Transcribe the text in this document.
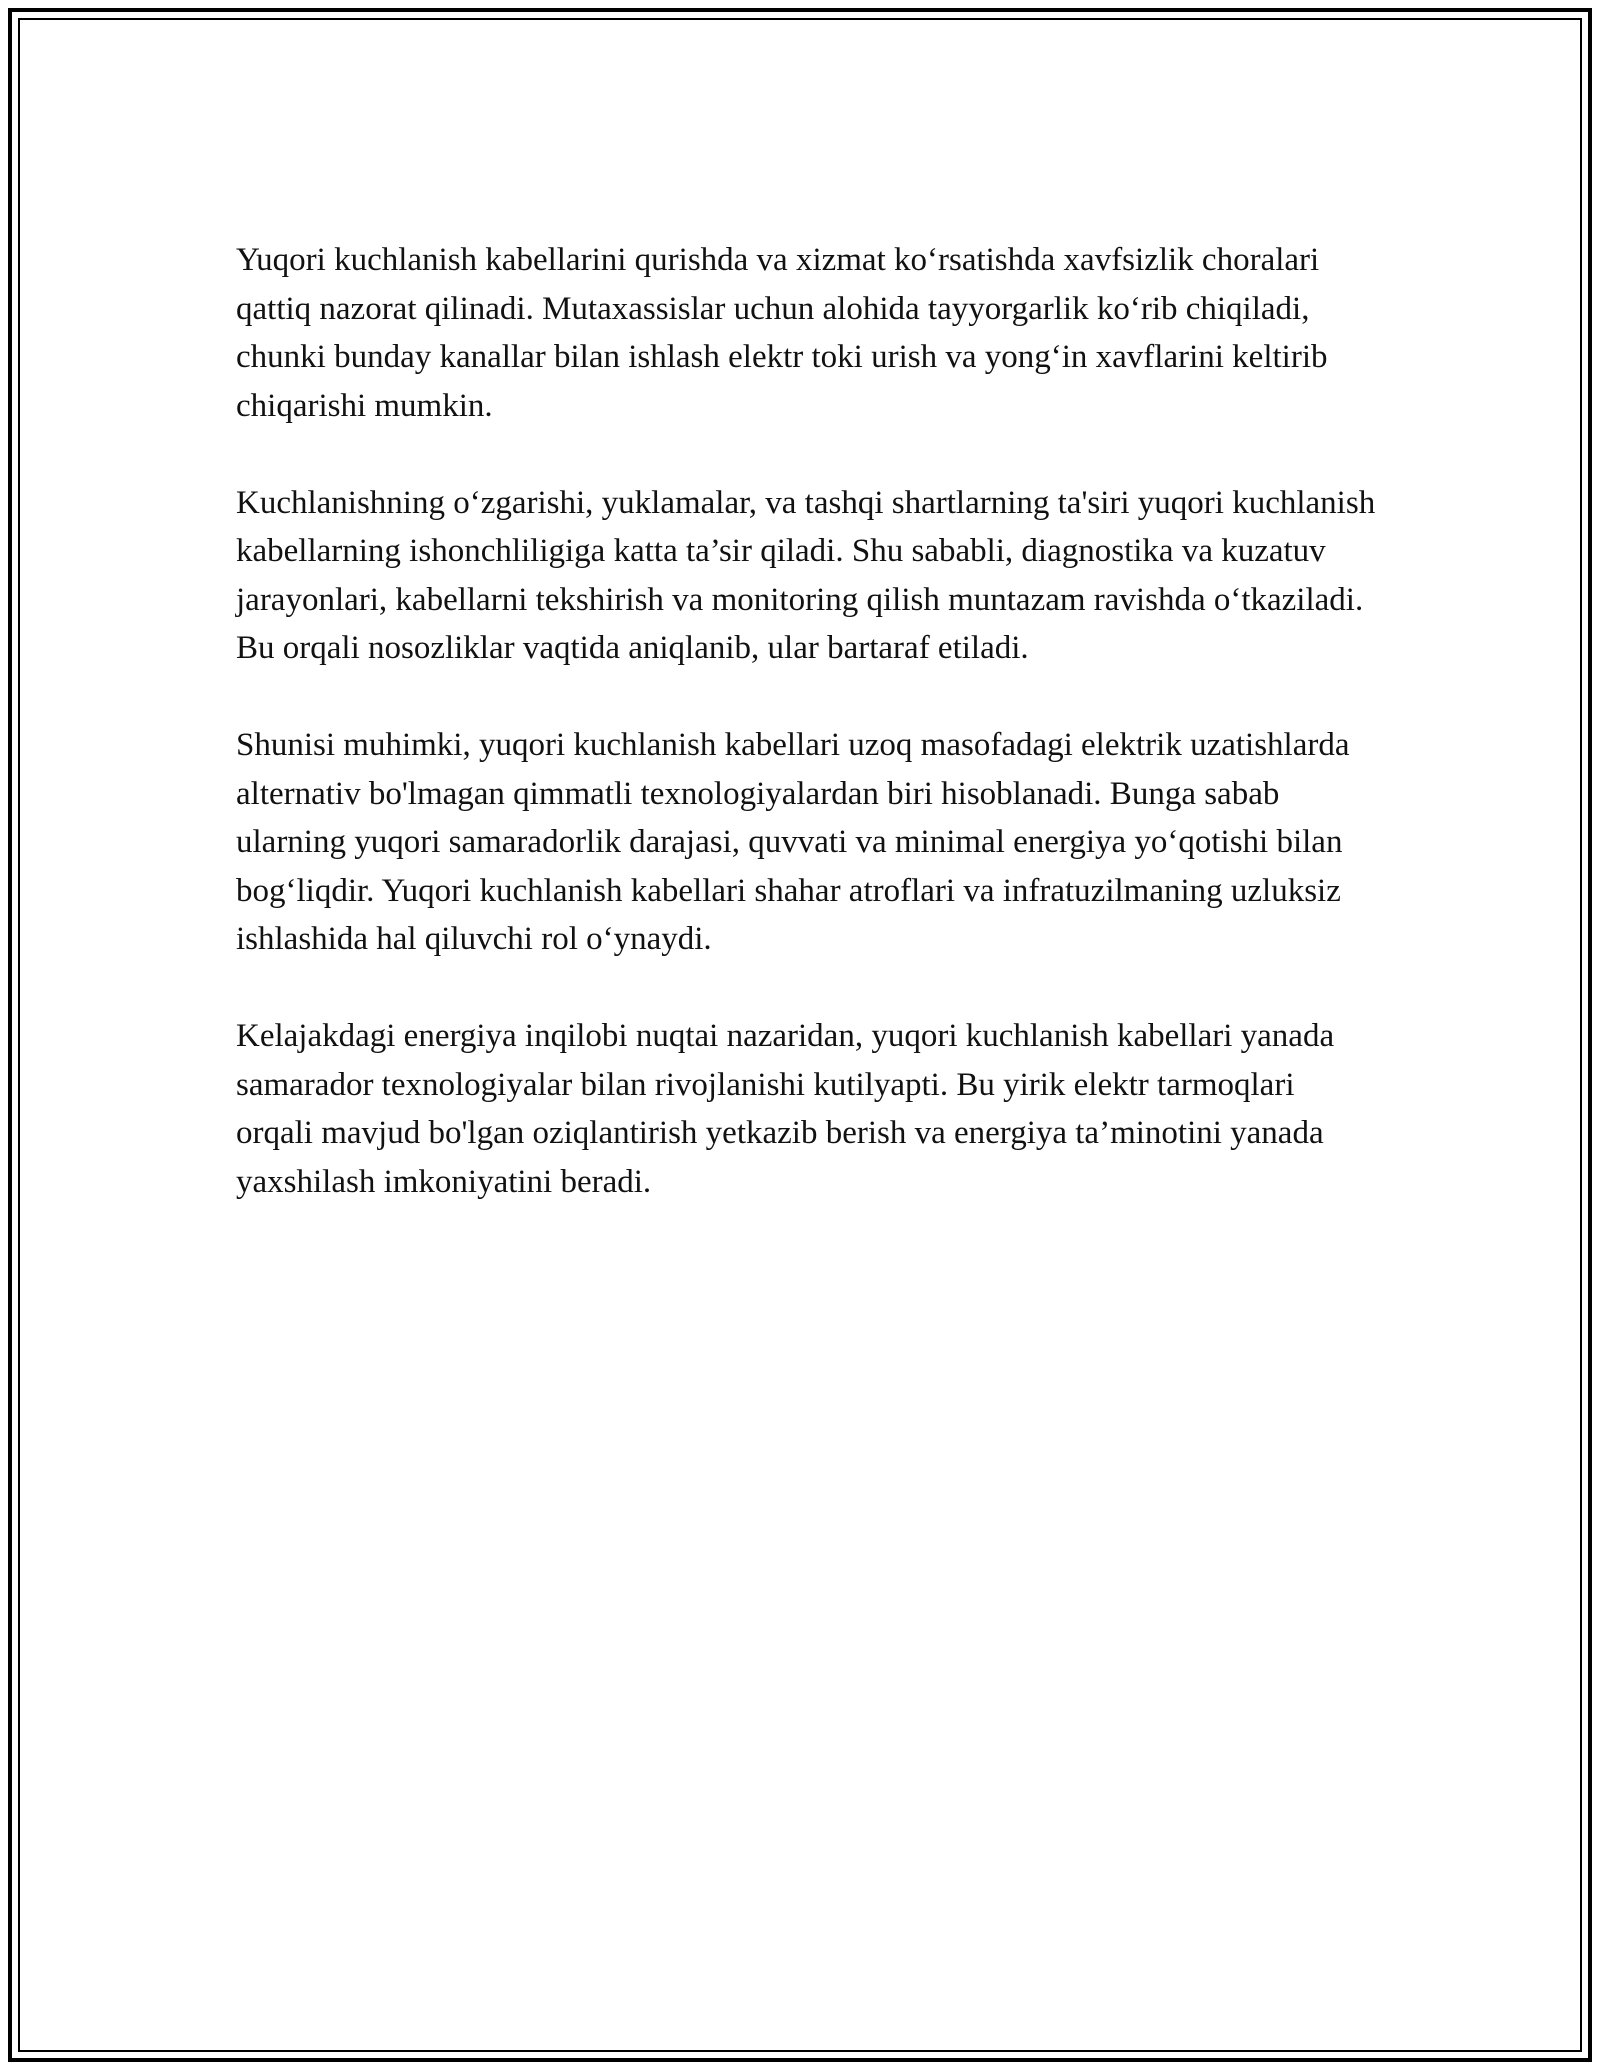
Yuqori kuchlanish kabellarini qurishda va xizmat koʻrsatishda xavfsizlik choralari qattiq nazorat qilinadi. Mutaxassislar uchun alohida tayyorgarlik koʻrib chiqiladi, chunki bunday kanallar bilan ishlash elektr toki urish va yongʻin xavflarini keltirib chiqarishi mumkin.

Kuchlanishning oʻzgarishi, yuklamalar, va tashqi shartlarning ta'siri yuqori kuchlanish kabellarning ishonchliligiga katta ta’sir qiladi. Shu sababli, diagnostika va kuzatuv jarayonlari, kabellarni tekshirish va monitoring qilish muntazam ravishda oʻtkaziladi. Bu orqali nosozliklar vaqtida aniqlanib, ular bartaraf etiladi.

Shunisi muhimki, yuqori kuchlanish kabellari uzoq masofadagi elektrik uzatishlarda alternativ bo'lmagan qimmatli texnologiyalardan biri hisoblanadi. Bunga sabab ularning yuqori samaradorlik darajasi, quvvati va minimal energiya yoʻqotishi bilan bogʻliqdir. Yuqori kuchlanish kabellari shahar atroflari va infratuzilmaning uzluksiz ishlashida hal qiluvchi rol oʻynaydi.

Kelajakdagi energiya inqilobi nuqtai nazaridan, yuqori kuchlanish kabellari yanada samarador texnologiyalar bilan rivojlanishi kutilyapti. Bu yirik elektr tarmoqlari orqali mavjud bo'lgan oziqlantirish yetkazib berish va energiya ta’minotini yanada yaxshilash imkoniyatini beradi.
